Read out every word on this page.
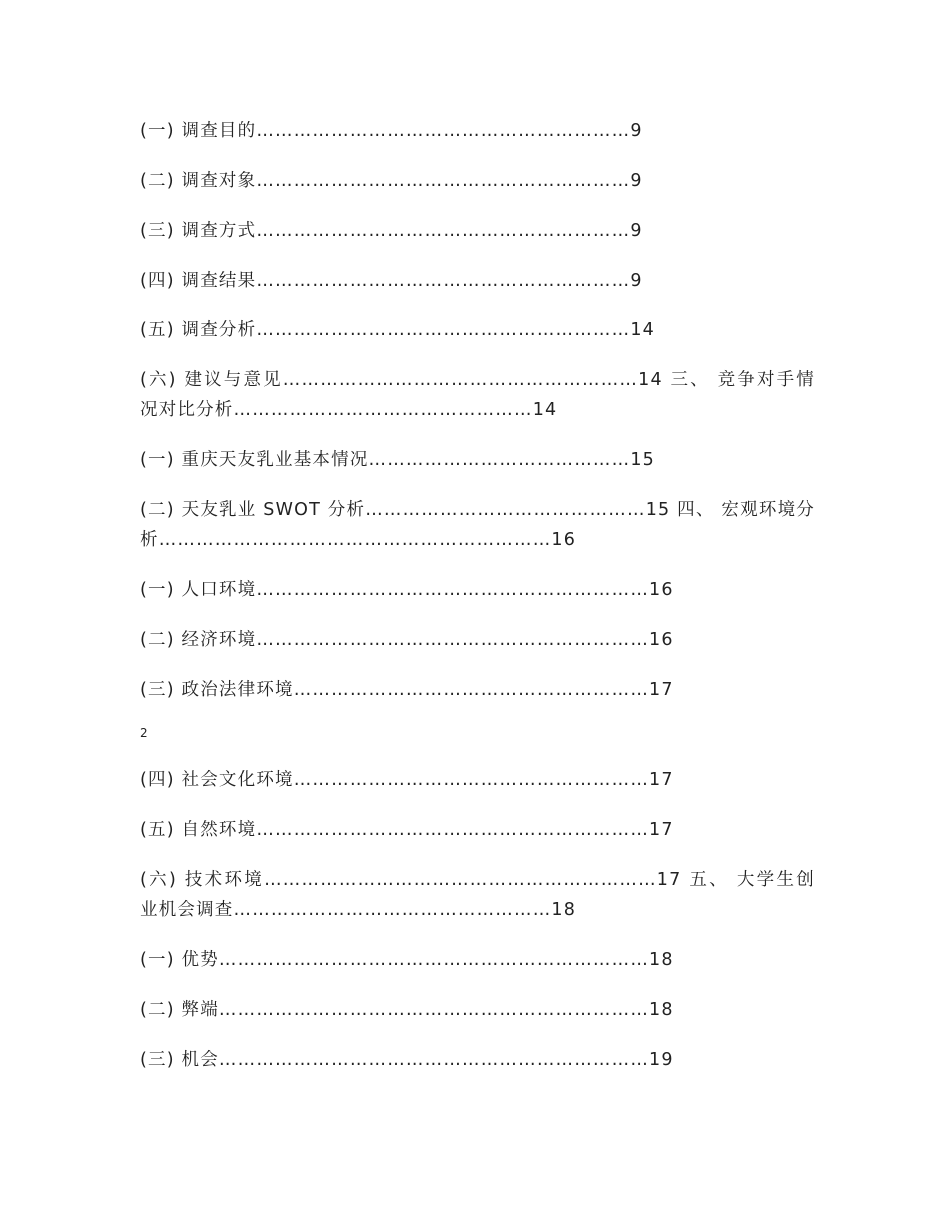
(一) 调查目的……………………………………………………9
(二) 调查对象……………………………………………………9
(三) 调查方式……………………………………………………9
(四) 调查结果……………………………………………………9
(五) 调查分析……………………………………………………14
(六) 建议与意见…………………………………………………14 三、 竞争对手情况对比分析…………………………………………14
(一) 重庆天友乳业基本情况……………………………………15
(二) 天友乳业 SWOT 分析………………………………………15 四、 宏观环境分析………………………………………………………16
(一) 人口环境………………………………………………………16
(二) 经济环境………………………………………………………16
(三) 政治法律环境…………………………………………………17
2
(四) 社会文化环境…………………………………………………17
(五) 自然环境………………………………………………………17
(六) 技术环境………………………………………………………17 五、 大学生创业机会调查……………………………………………18
(一) 优势……………………………………………………………18
(二) 弊端……………………………………………………………18
(三) 机会……………………………………………………………19
